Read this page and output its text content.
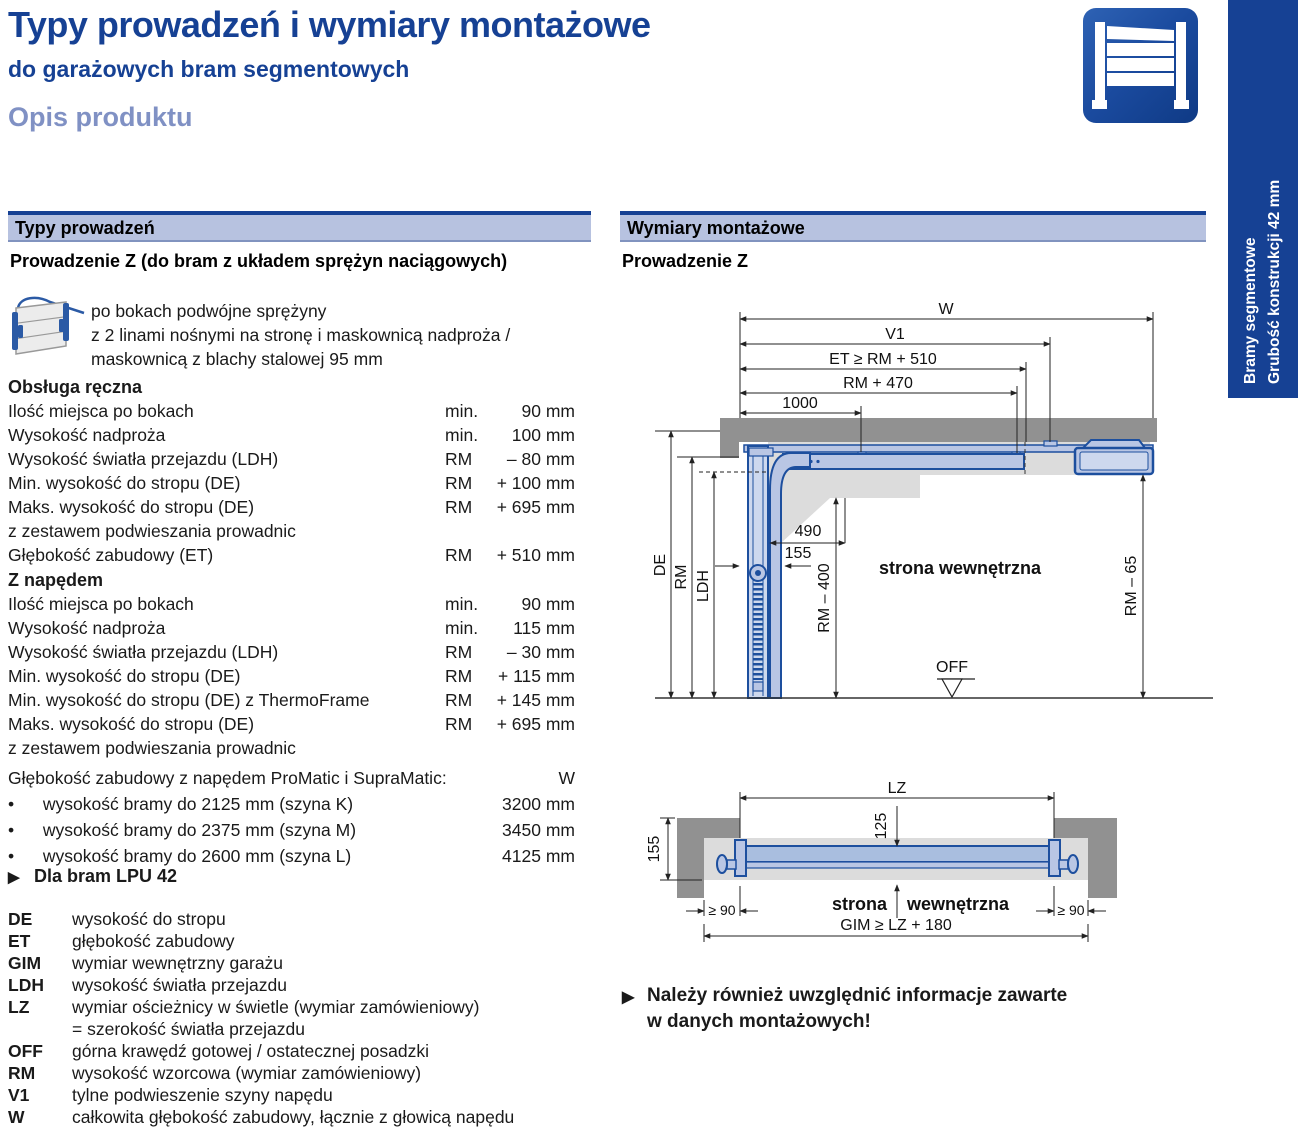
Typy prowadzeń i wymiary montażowe
do garażowych bram segmentowych
Opis produktu
Bramy segmentowe Grubość konstrukcji 42 mm
Typy prowadzeń
Prowadzenie Z (do bram z układem sprężyn naciągowych)
po bokach podwójne sprężyny
z 2 linami nośnymi na stronę i maskownicą nadproża /
maskownicą z blachy stalowej 95 mm
Obsługa ręczna
Ilość miejsca po bokach	min. 90 mm
Wysokość nadproża	min. 100 mm
Wysokość światła przejazdu (LDH)	RM – 80 mm
Min. wysokość do stropu (DE)	RM + 100 mm
Maks. wysokość do stropu (DE)	RM + 695 mm
z zestawem podwieszania prowadnic
Głębokość zabudowy (ET)	RM + 510 mm
Z napędem
Ilość miejsca po bokach	min. 90 mm
Wysokość nadproża	min. 115 mm
Wysokość światła przejazdu (LDH)	RM – 30 mm
Min. wysokość do stropu (DE)	RM + 115 mm
Min. wysokość do stropu (DE) z ThermoFrame	RM + 145 mm
Maks. wysokość do stropu (DE)	RM + 695 mm
z zestawem podwieszania prowadnic
Głębokość zabudowy z napędem ProMatic i SupraMatic:	W
• wysokość bramy do 2125 mm (szyna K)	3200 mm
• wysokość bramy do 2375 mm (szyna M)	3450 mm
• wysokość bramy do 2600 mm (szyna L)	4125 mm
▶ Dla bram LPU 42
DE	wysokość do stropu
ET	głębokość zabudowy
GIM	wymiar wewnętrzny garażu
LDH	wysokość światła przejazdu
LZ	wymiar ościeżnicy w świetle (wymiar zamówieniowy)
= szerokość światła przejazdu
OFF	górna krawędź gotowej / ostatecznej posadzki
RM	wysokość wzorcowa (wymiar zamówieniowy)
V1	tylne podwieszenie szyny napędu
W	całkowita głębokość zabudowy, łącznie z głowicą napędu
Wymiary montażowe
Prowadzenie Z
W
V1
ET ≥ RM + 510
RM + 470
1000
490
155
DE RM LDH	RM – 400	RM – 65
OFF
strona wewnętrzna
LZ
125
155
≥ 90	≥ 90
strona wewnętrzna
GIM ≥ LZ + 180
▶ Należy również uwzględnić informacje zawarte
w danych montażowych!
